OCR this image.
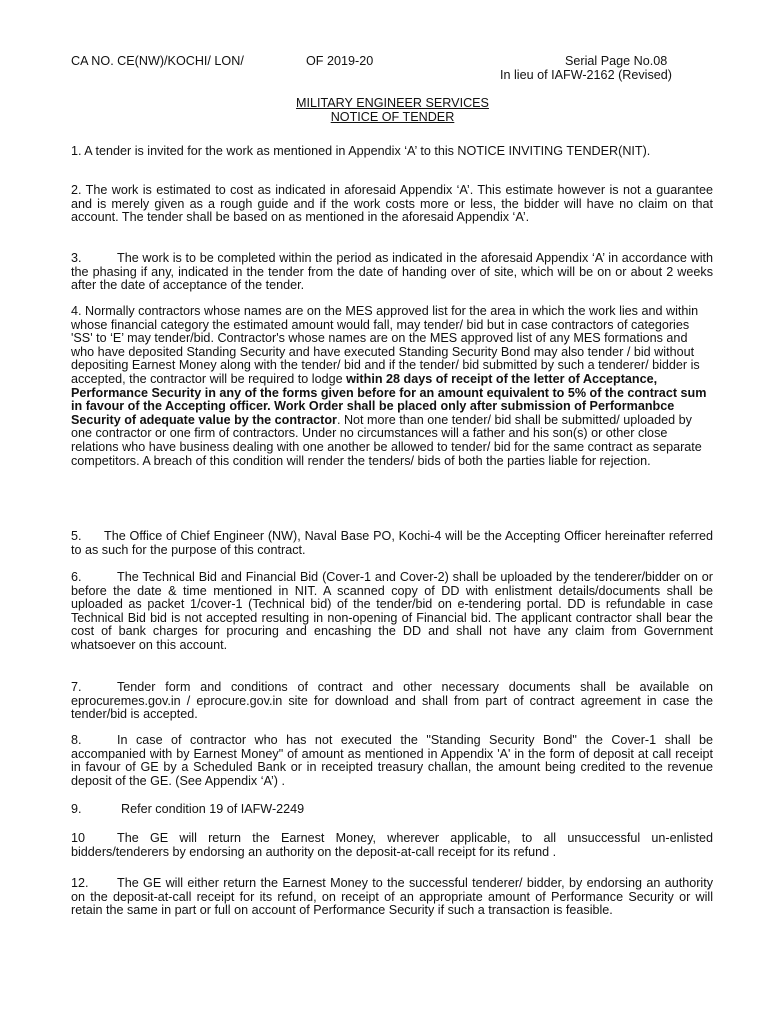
CA NO. CE(NW)/KOCHI/ LON/	OF 2019-20	Serial Page No.08
In lieu of IAFW-2162 (Revised)
MILITARY ENGINEER SERVICES
NOTICE OF TENDER

1. A tender is invited for the work as mentioned in Appendix ‘A’ to this NOTICE INVITING TENDER(NIT).

2. The work is estimated to cost as indicated in aforesaid Appendix ‘A’. This estimate however is not a guarantee and is merely given as a rough guide and if the work costs more or less, the bidder will have no claim on that account. The tender shall be based on as mentioned in the aforesaid Appendix ‘A’.

3.	The work is to be completed within the period as indicated in the aforesaid Appendix ‘A’ in accordance with the phasing if any, indicated in the tender from the date of handing over of site, which will be on or about 2 weeks after the date of acceptance of the tender.

4. Normally contractors whose names are on the MES approved list for the area in which the work lies and within whose financial category the estimated amount would fall, may tender/ bid but in case contractors of categories 'SS' to ‘E’ may tender/bid. Contractor's whose names are on the MES approved list of any MES formations and who have deposited Standing Security and have executed Standing Security Bond may also tender / bid without depositing Earnest Money along with the tender/ bid and if the tender/ bid submitted by such a tenderer/ bidder is accepted, the contractor will be required to lodge within 28 days of receipt of the letter of Acceptance, Performance Security in any of the forms given before for an amount equivalent to 5% of the contract sum in favour of the Accepting officer. Work Order shall be placed only after submission of Performanbce Security of adequate value by the contractor. Not more than one tender/ bid shall be submitted/ uploaded by one contractor or one firm of contractors. Under no circumstances will a father and his son(s) or other close relations who have business dealing with one another be allowed to tender/ bid for the same contract as separate competitors. A breach of this condition will render the tenders/ bids of both the parties liable for rejection.

5. The Office of Chief Engineer (NW), Naval Base PO, Kochi-4 will be the Accepting Officer hereinafter referred to as such for the purpose of this contract.

6.	The Technical Bid and Financial Bid (Cover-1 and Cover-2) shall be uploaded by the tenderer/bidder on or before the date & time mentioned in NIT. A scanned copy of DD with enlistment details/documents shall be uploaded as packet 1/cover-1 (Technical bid) of the tender/bid on e-tendering portal. DD is refundable in case Technical Bid bid is not accepted resulting in non-opening of Financial bid. The applicant contractor shall bear the cost of bank charges for procuring and encashing the DD and shall not have any claim from Government whatsoever on this account.

7.	Tender form and conditions of contract and other necessary documents shall be available on eprocuremes.gov.in / eprocure.gov.in site for download and shall from part of contract agreement in case the tender/bid is accepted.

8.	In case of contractor who has not executed the "Standing Security Bond" the Cover-1 shall be accompanied with by Earnest Money" of amount as mentioned in Appendix 'A' in the form of deposit at call receipt in favour of GE by a Scheduled Bank or in receipted treasury challan, the amount being credited to the revenue deposit of the GE. (See Appendix ‘A’) .

9.	Refer condition 19 of IAFW-2249

10	The GE will return the Earnest Money, wherever applicable, to all unsuccessful un-enlisted bidders/tenderers by endorsing an authority on the deposit-at-call receipt for its refund .

12. The GE will either return the Earnest Money to the successful tenderer/ bidder, by endorsing an authority on the deposit-at-call receipt for its refund, on receipt of an appropriate amount of Performance Security or will retain the same in part or full on account of Performance Security if such a transaction is feasible.
